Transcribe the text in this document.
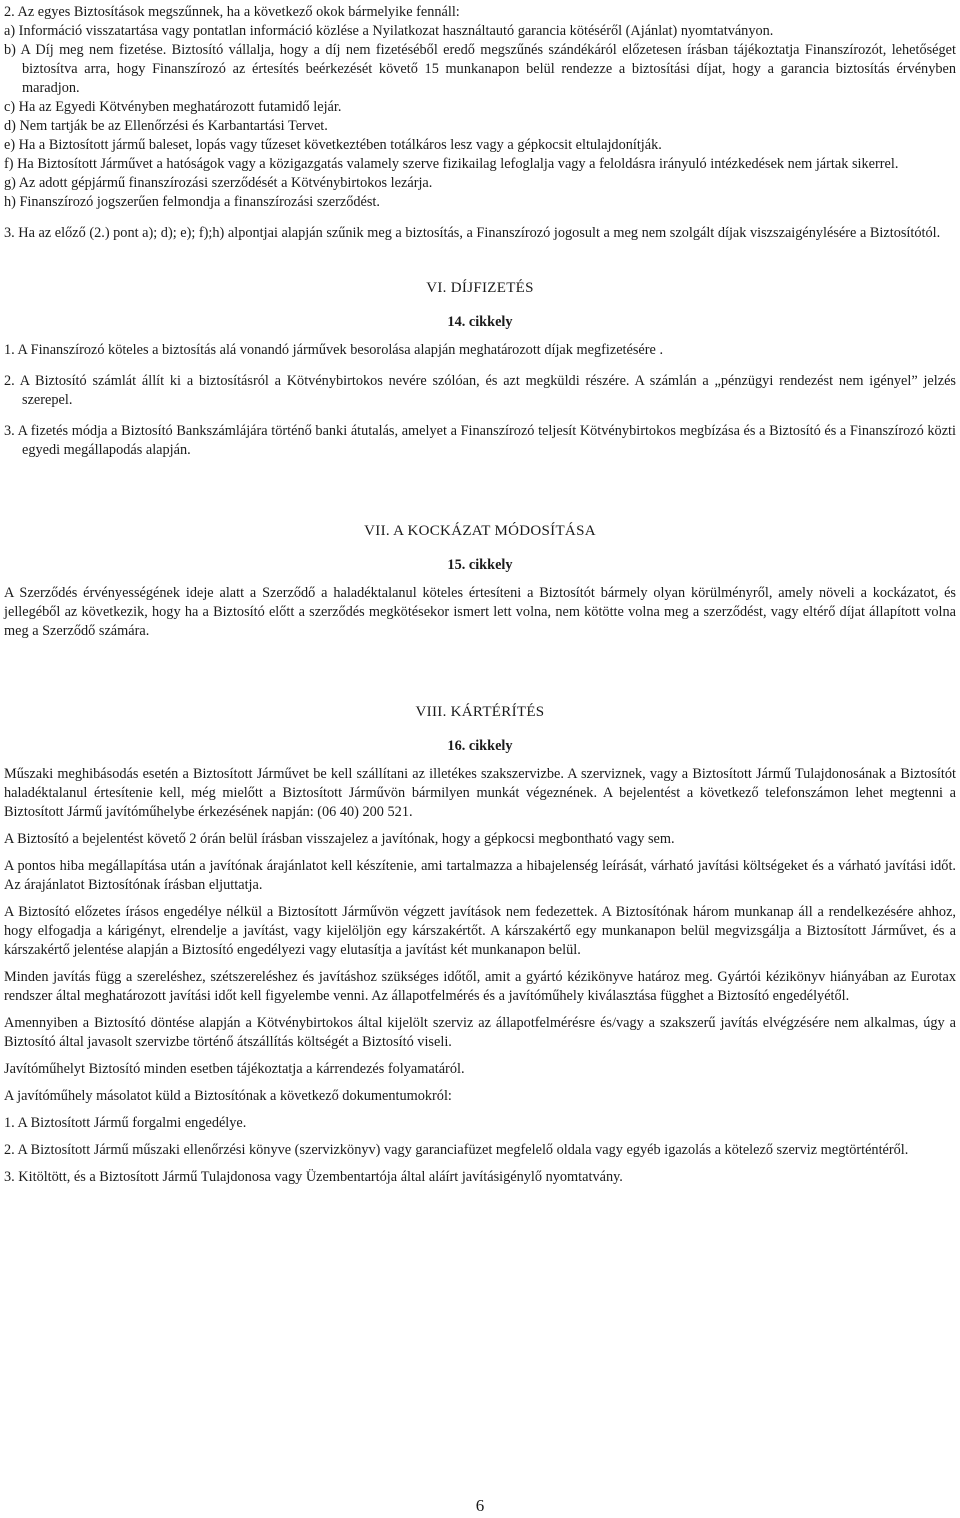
2. Az egyes Biztosítások megszűnnek, ha a következő okok bármelyike fennáll:

a) Információ visszatartása vagy pontatlan információ közlése a Nyilatkozat használtautó garancia kötéséről (Ajánlat) nyomtatványon.

b) A Díj meg nem fizetése. Biztosító vállalja, hogy a díj nem fizetéséből eredő megszűnés szándékáról előzetesen írásban tájékoztatja Finanszírozót, lehetőséget biztosítva arra, hogy Finanszírozó az értesítés beérkezését követő 15 munkanapon belül rendezze a biztosítási díjat, hogy a garancia biztosítás érvényben maradjon.

c) Ha az Egyedi Kötvényben meghatározott futamidő lejár.

d) Nem tartják be az Ellenőrzési és Karbantartási Tervet.

e) Ha a Biztosított jármű baleset, lopás vagy tűzeset következtében totálkáros lesz vagy a gépkocsit eltulajdonítják.

f) Ha Biztosított Járművet a hatóságok vagy a közigazgatás valamely szerve fizikailag lefoglalja vagy a feloldásra irányuló intézkedések nem jártak sikerrel.

g) Az adott gépjármű finanszírozási szerződését a Kötvénybirtokos lezárja.

h) Finanszírozó jogszerűen felmondja a finanszírozási szerződést.

3. Ha az előző (2.) pont a); d); e); f);h) alpontjai alapján szűnik meg a biztosítás, a Finanszírozó jogosult a meg nem szolgált díjak viszszaigénylésére a Biztosítótól.

VI. DÍJFIZETÉS

14. cikkely

1. A Finanszírozó köteles a biztosítás alá vonandó járművek besorolása alapján meghatározott díjak megfizetésére .

2. A Biztosító számlát állít ki a biztosításról a Kötvénybirtokos nevére szólóan, és azt megküldi részére. A számlán a „pénzügyi rendezést nem igényel” jelzés szerepel.

3. A fizetés módja a Biztosító Bankszámlájára történő banki átutalás, amelyet a Finanszírozó teljesít Kötvénybirtokos megbízása és a Biztosító és a Finanszírozó közti egyedi megállapodás alapján.

VII. A KOCKÁZAT MÓDOSÍTÁSA

15. cikkely

A Szerződés érvényességének ideje alatt a Szerződő a haladéktalanul köteles értesíteni a Biztosítót bármely olyan körülményről, amely növeli a kockázatot, és jellegéből az következik, hogy ha a Biztosító előtt a szerződés megkötésekor ismert lett volna, nem kötötte volna meg a szerződést, vagy eltérő díjat állapított volna meg a Szerződő számára.

VIII. KÁRTÉRÍTÉS

16. cikkely

Műszaki meghibásodás esetén a Biztosított Járművet be kell szállítani az illetékes szakszervizbe. A szerviznek, vagy a Biztosított Jármű Tulajdonosának a Biztosítót haladéktalanul értesítenie kell, még mielőtt a Biztosított Járművön bármilyen munkát végeznének. A bejelentést a következő telefonszámon lehet megtenni a Biztosított Jármű javítóműhelybe érkezésének napján: (06 40) 200 521.

A Biztosító a bejelentést követő 2 órán belül írásban visszajelez a javítónak, hogy a gépkocsi megbontható vagy sem.

A pontos hiba megállapítása után a javítónak árajánlatot kell készítenie, ami tartalmazza a hibajelenség leírását, várható javítási költségeket és a várható javítási időt. Az árajánlatot Biztosítónak írásban eljuttatja.

A Biztosító előzetes írásos engedélye nélkül a Biztosított Járművön végzett javítások nem fedezettek. A Biztosítónak három munkanap áll a rendelkezésére ahhoz, hogy elfogadja a kárigényt, elrendelje a javítást, vagy kijelöljön egy kárszakértőt. A kárszakértő egy munkanapon belül megvizsgálja a Biztosított Járművet, és a kárszakértő jelentése alapján a Biztosító engedélyezi vagy elutasítja a javítást két munkanapon belül.

Minden javítás függ a szereléshez, szétszereléshez és javításhoz szükséges időtől, amit a gyártó kézikönyve határoz meg. Gyártói kézikönyv hiányában az Eurotax rendszer által meghatározott javítási időt kell figyelembe venni. Az állapotfelmérés és a javítóműhely kiválasztása függhet a Biztosító engedélyétől.

Amennyiben a Biztosító döntése alapján a Kötvénybirtokos által kijelölt szerviz az állapotfelmérésre és/vagy a szakszerű javítás elvégzésére nem alkalmas, úgy a Biztosító által javasolt szervizbe történő átszállítás költségét a Biztosító viseli.

Javítóműhelyt Biztosító minden esetben tájékoztatja a kárrendezés folyamatáról.

A javítóműhely másolatot küld a Biztosítónak a következő dokumentumokról:

1. A Biztosított Jármű forgalmi engedélye.

2. A Biztosított Jármű műszaki ellenőrzési könyve (szervizkönyv) vagy garanciafüzet megfelelő oldala vagy egyéb igazolás a kötelező szerviz megtörténtéről.

3. Kitöltött, és a Biztosított Jármű Tulajdonosa vagy Üzembentartója által aláírt javításigénylő nyomtatvány.

6
